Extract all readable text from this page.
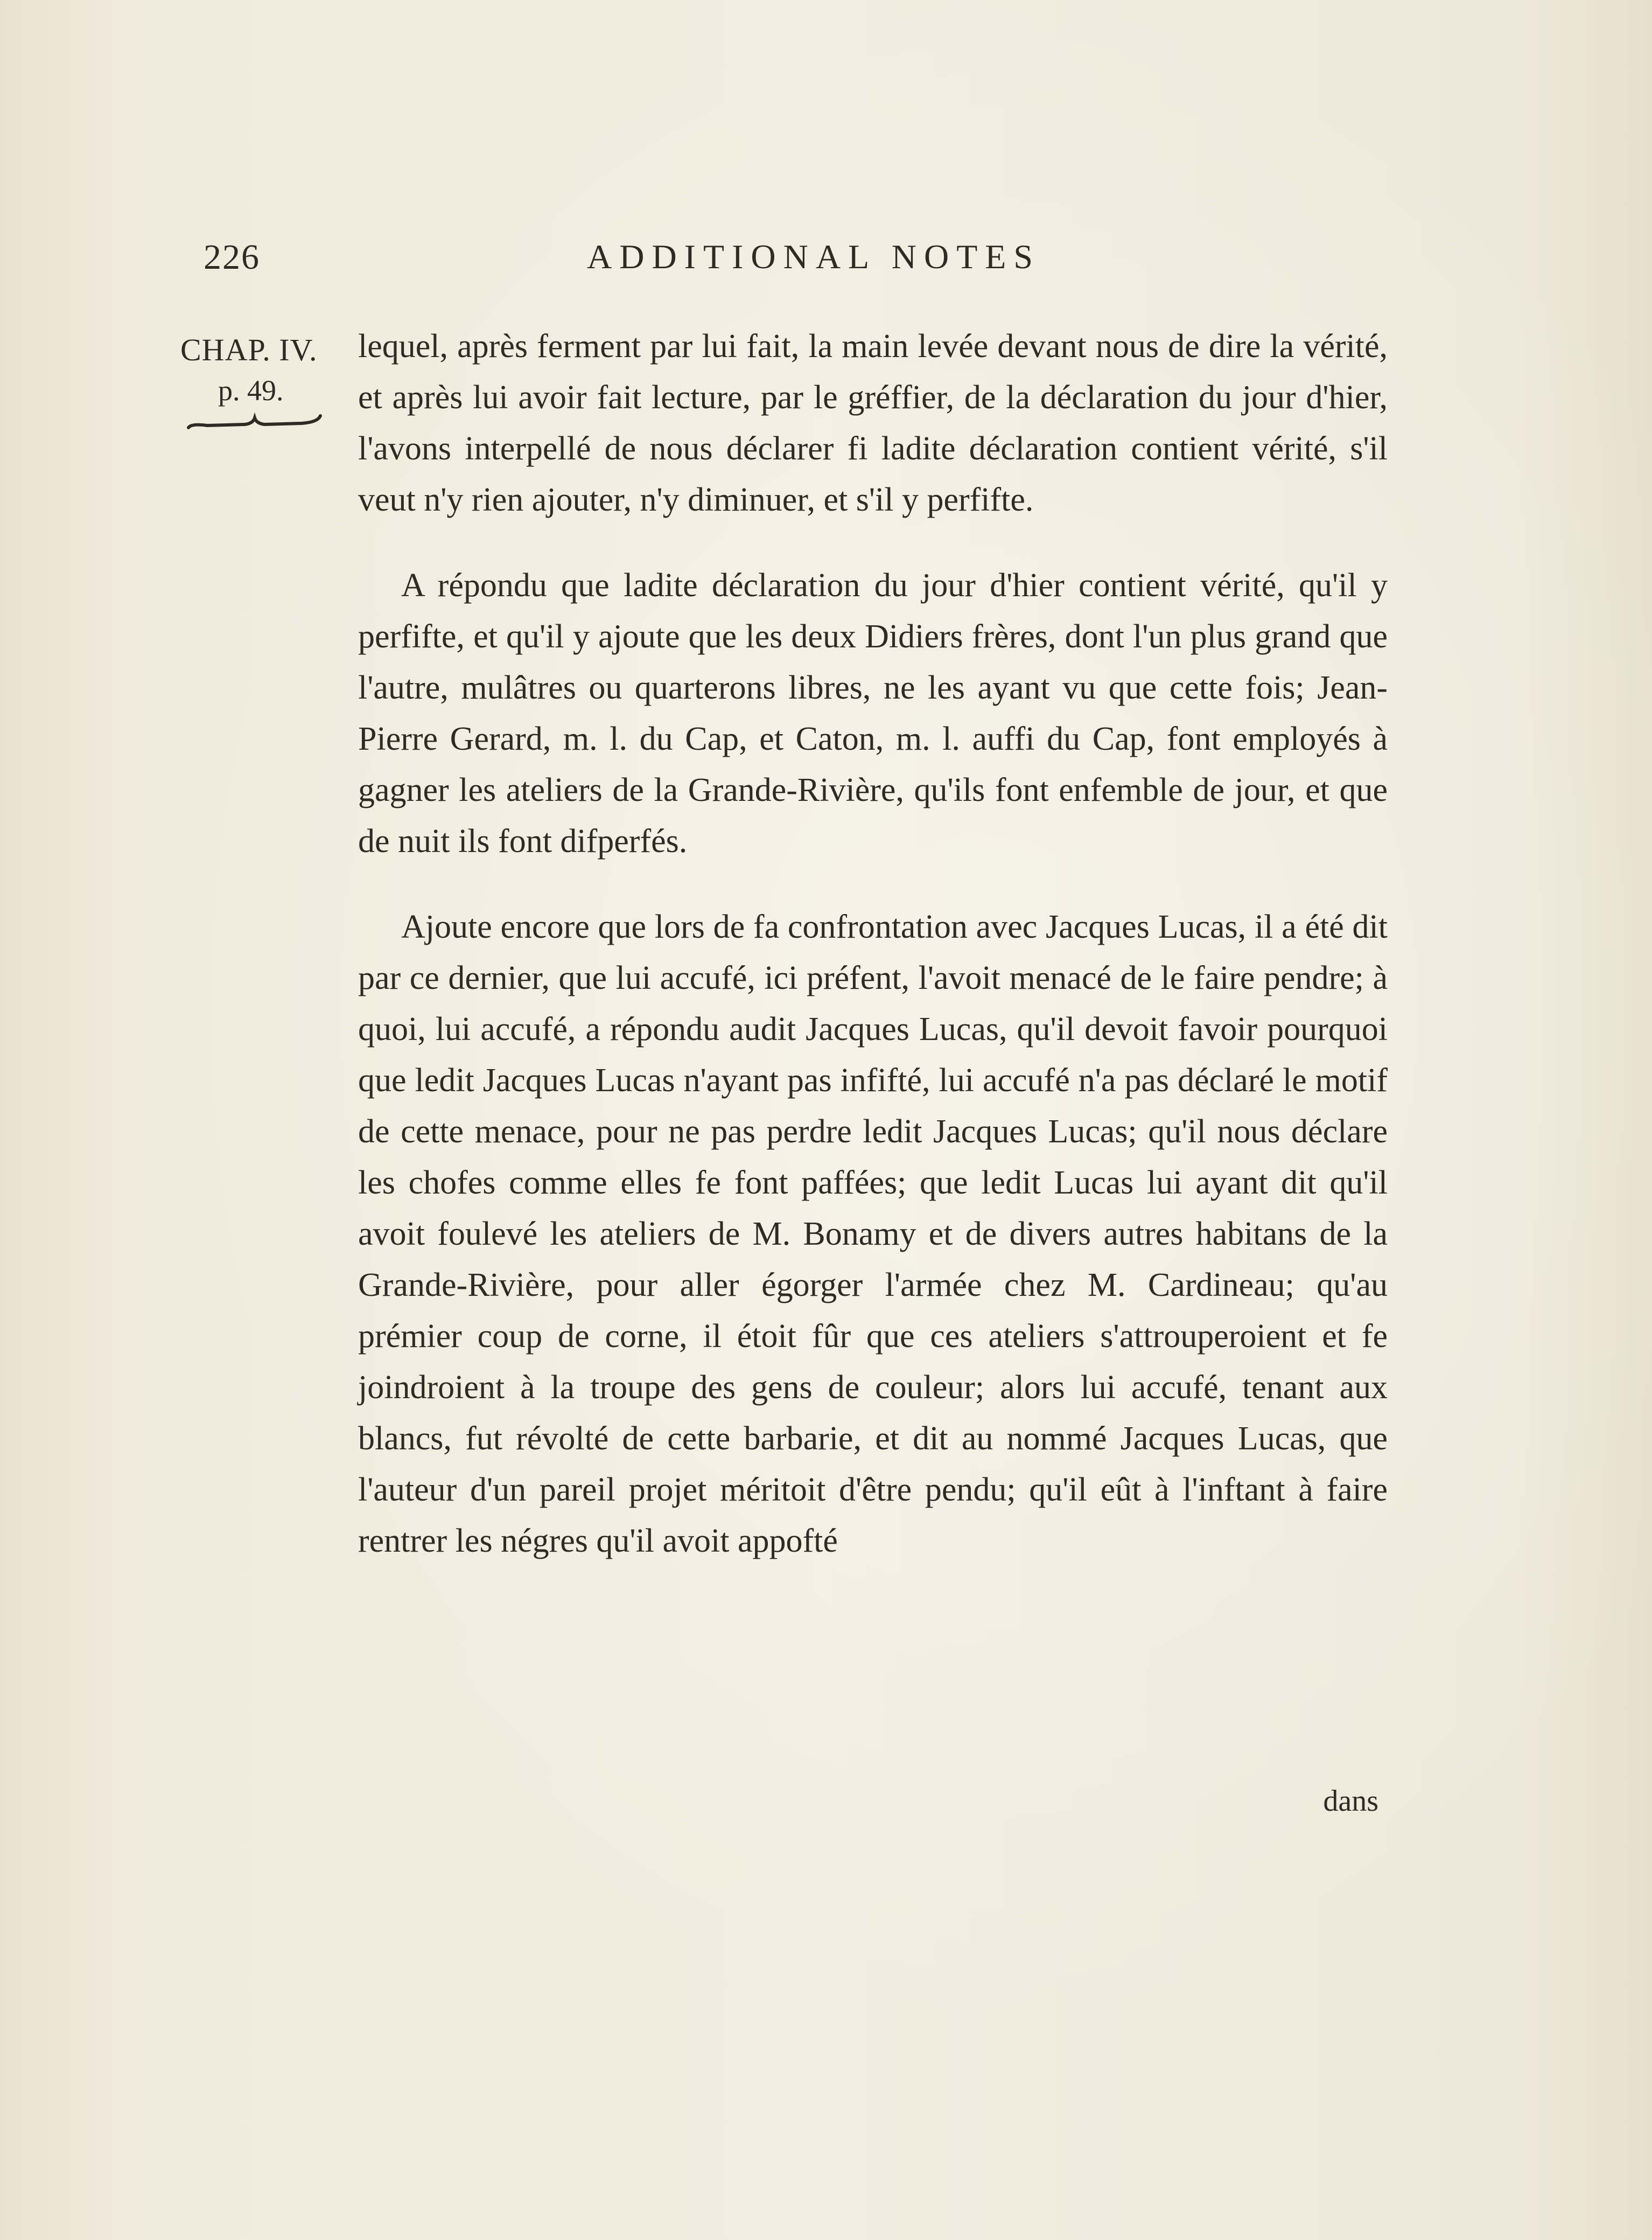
226	ADDITIONAL NOTES
CHAP. IV.
p. 49.

lequel, après ferment par lui fait, la main levée devant nous de dire la vérité, et après lui avoir fait lecture, par le gréffier, de la déclaration du jour d'hier, l'avons interpellé de nous déclarer fi ladite déclaration contient vérité, s'il veut n'y rien ajouter, n'y diminuer, et s'il y perfifte.

A répondu que ladite déclaration du jour d'hier contient vérité, qu'il y perfifte, et qu'il y ajoute que les deux Didiers frères, dont l'un plus grand que l'autre, mulâtres ou quarterons libres, ne les ayant vu que cette fois; Jean-Pierre Gerard, m. l. du Cap, et Caton, m. l. auffi du Cap, font employés à gagner les ateliers de la Grande-Rivière, qu'ils font enfemble de jour, et que de nuit ils font difperfés.

Ajoute encore que lors de fa confrontation avec Jacques Lucas, il a été dit par ce dernier, que lui accufé, ici préfent, l'avoit menacé de le faire pendre; à quoi, lui accufé, a répondu audit Jacques Lucas, qu'il devoit favoir pourquoi que ledit Jacques Lucas n'ayant pas infifté, lui accufé n'a pas déclaré le motif de cette menace, pour ne pas perdre ledit Jacques Lucas; qu'il nous déclare les chofes comme elles fe font paffées; que ledit Lucas lui ayant dit qu'il avoit foulevé les ateliers de M. Bonamy et de divers autres habitans de la Grande-Rivière, pour aller égorger l'armée chez M. Cardineau; qu'au prémier coup de corne, il étoit fûr que ces ateliers s'attrouperoient et fe joindroient à la troupe des gens de couleur; alors lui accufé, tenant aux blancs, fut révolté de cette barbarie, et dit au nommé Jacques Lucas, que l'auteur d'un pareil projet méritoit d'être pendu; qu'il eût à l'inftant à faire rentrer les négres qu'il avoit appofté

dans
